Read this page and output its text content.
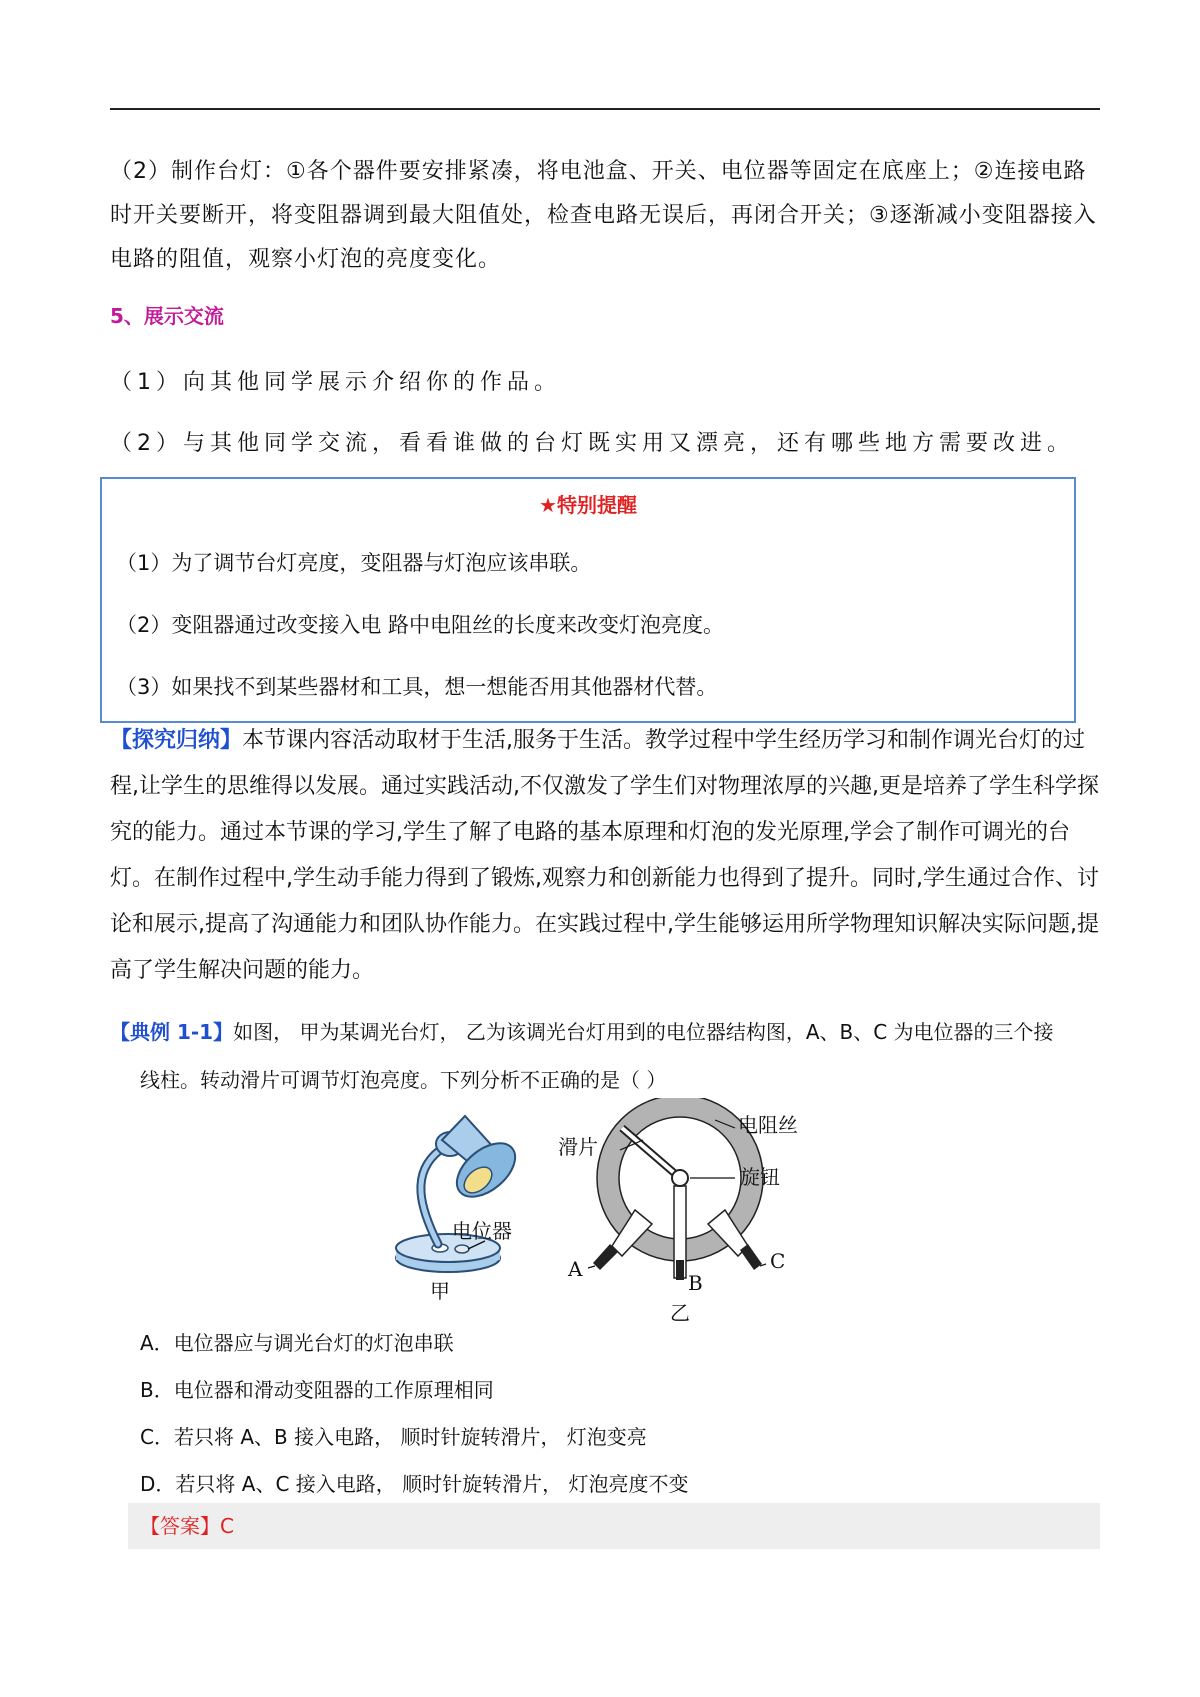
（2）制作台灯：①各个器件要安排紧凑，将电池盒、开关、电位器等固定在底座上；②连接电路时开关要断开，将变阻器调到最大阻值处，检查电路无误后，再闭合开关；③逐渐减小变阻器接入电路的阻值，观察小灯泡的亮度变化。
5、展示交流
（1）向其他同学展示介绍你的作品。
（2）与其他同学交流，看看谁做的台灯既实用又漂亮，还有哪些地方需要改进。
★特别提醒
（1）为了调节台灯亮度，变阻器与灯泡应该串联。
（2）变阻器通过改变接入电 路中电阻丝的长度来改变灯泡亮度。
（3）如果找不到某些器材和工具，想一想能否用其他器材代替。
【探究归纳】本节课内容活动取材于生活,服务于生活。教学过程中学生经历学习和制作调光台灯的过程,让学生的思维得以发展。通过实践活动,不仅激发了学生们对物理浓厚的兴趣,更是培养了学生科学探究的能力。通过本节课的学习,学生了解了电路的基本原理和灯泡的发光原理,学会了制作可调光的台灯。在制作过程中,学生动手能力得到了锻炼,观察力和创新能力也得到了提升。同时,学生通过合作、讨论和展示,提高了沟通能力和团队协作能力。在实践过程中,学生能够运用所学物理知识解决实际问题,提高了学生解决问题的能力。
【典例 1-1】如图， 甲为某调光台灯， 乙为该调光台灯用到的电位器结构图，A、B、C 为电位器的三个接
线柱。转动滑片可调节灯泡亮度。下列分析不正确的是（ ）
电位器
甲
电阻丝
滑片
旋钮
A
B
C
乙
A．电位器应与调光台灯的灯泡串联
B．电位器和滑动变阻器的工作原理相同
C．若只将 A、B 接入电路， 顺时针旋转滑片， 灯泡变亮
D．若只将 A、C 接入电路， 顺时针旋转滑片， 灯泡亮度不变
【答案】C
